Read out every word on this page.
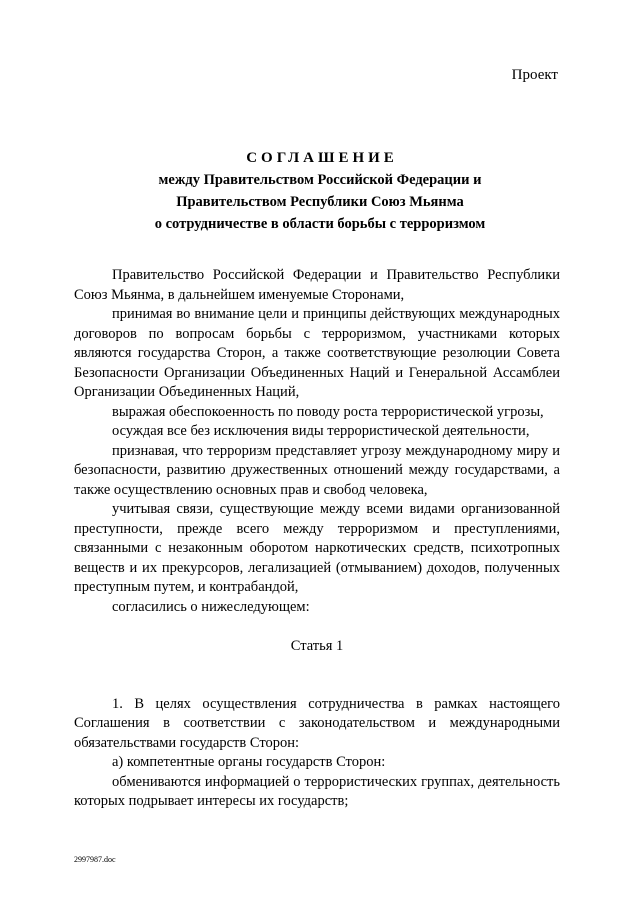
Проект
СОГЛАШЕНИЕ
между Правительством Российской Федерации и
Правительством Республики Союз Мьянма
о сотрудничестве в области борьбы с терроризмом

Правительство Российской Федерации и Правительство Республики Союз Мьянма, в дальнейшем именуемые Сторонами,

принимая во внимание цели и принципы действующих международных договоров по вопросам борьбы с терроризмом, участниками которых являются государства Сторон, а также соответствующие резолюции Совета Безопасности Организации Объединенных Наций и Генеральной Ассамблеи Организации Объединенных Наций,

выражая обеспокоенность по поводу роста террористической угрозы,

осуждая все без исключения виды террористической деятельности,

признавая, что терроризм представляет угрозу международному миру и безопасности, развитию дружественных отношений между государствами, а также осуществлению основных прав и свобод человека,

учитывая связи, существующие между всеми видами организованной преступности, прежде всего между терроризмом и преступлениями, связанными с незаконным оборотом наркотических средств, психотропных веществ и их прекурсоров, легализацией (отмыванием) доходов, полученных преступным путем, и контрабандой,

согласились о нижеследующем:

Статья 1

1. В целях осуществления сотрудничества в рамках настоящего Соглашения в соответствии с законодательством и международными обязательствами государств Сторон:

а) компетентные органы государств Сторон:

обмениваются информацией о террористических группах, деятельность которых подрывает интересы их государств;

2997987.doc
